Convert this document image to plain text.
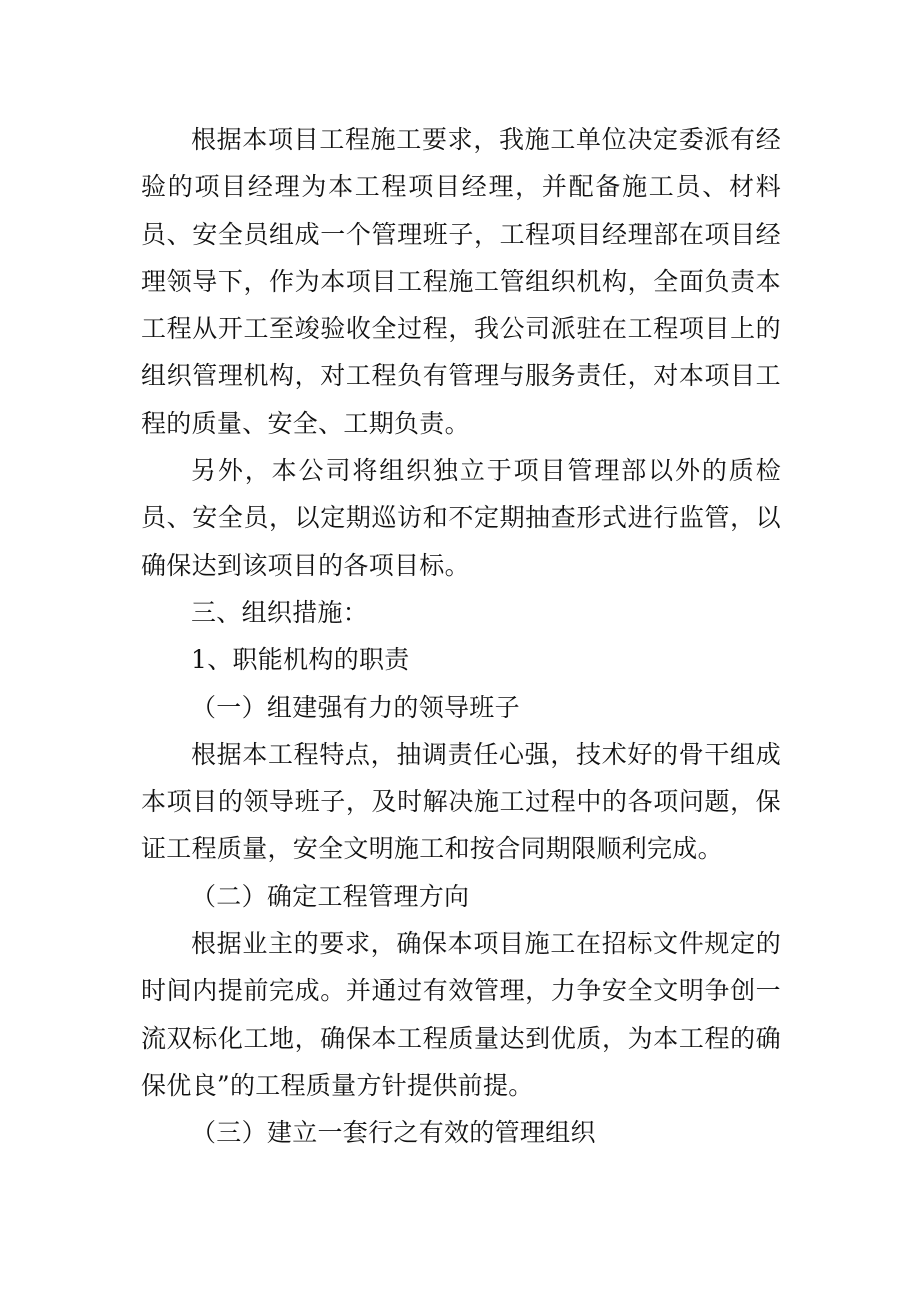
根据本项目工程施工要求，我施工单位决定委派有经验的项目经理为本工程项目经理，并配备施工员、材料员、安全员组成一个管理班子，工程项目经理部在项目经理领导下，作为本项目工程施工管组织机构，全面负责本工程从开工至竣验收全过程，我公司派驻在工程项目上的组织管理机构，对工程负有管理与服务责任，对本项目工程的质量、安全、工期负责。

另外，本公司将组织独立于项目管理部以外的质检员、安全员，以定期巡访和不定期抽查形式进行监管，以确保达到该项目的各项目标。

三、组织措施：

1、职能机构的职责

（一）组建强有力的领导班子

根据本工程特点，抽调责任心强，技术好的骨干组成本项目的领导班子，及时解决施工过程中的各项问题，保证工程质量，安全文明施工和按合同期限顺利完成。

（二）确定工程管理方向

根据业主的要求，确保本项目施工在招标文件规定的时间内提前完成。并通过有效管理，力争安全文明争创一流双标化工地，确保本工程质量达到优质，为本工程的确保优良”的工程质量方针提供前提。

（三）建立一套行之有效的管理组织
